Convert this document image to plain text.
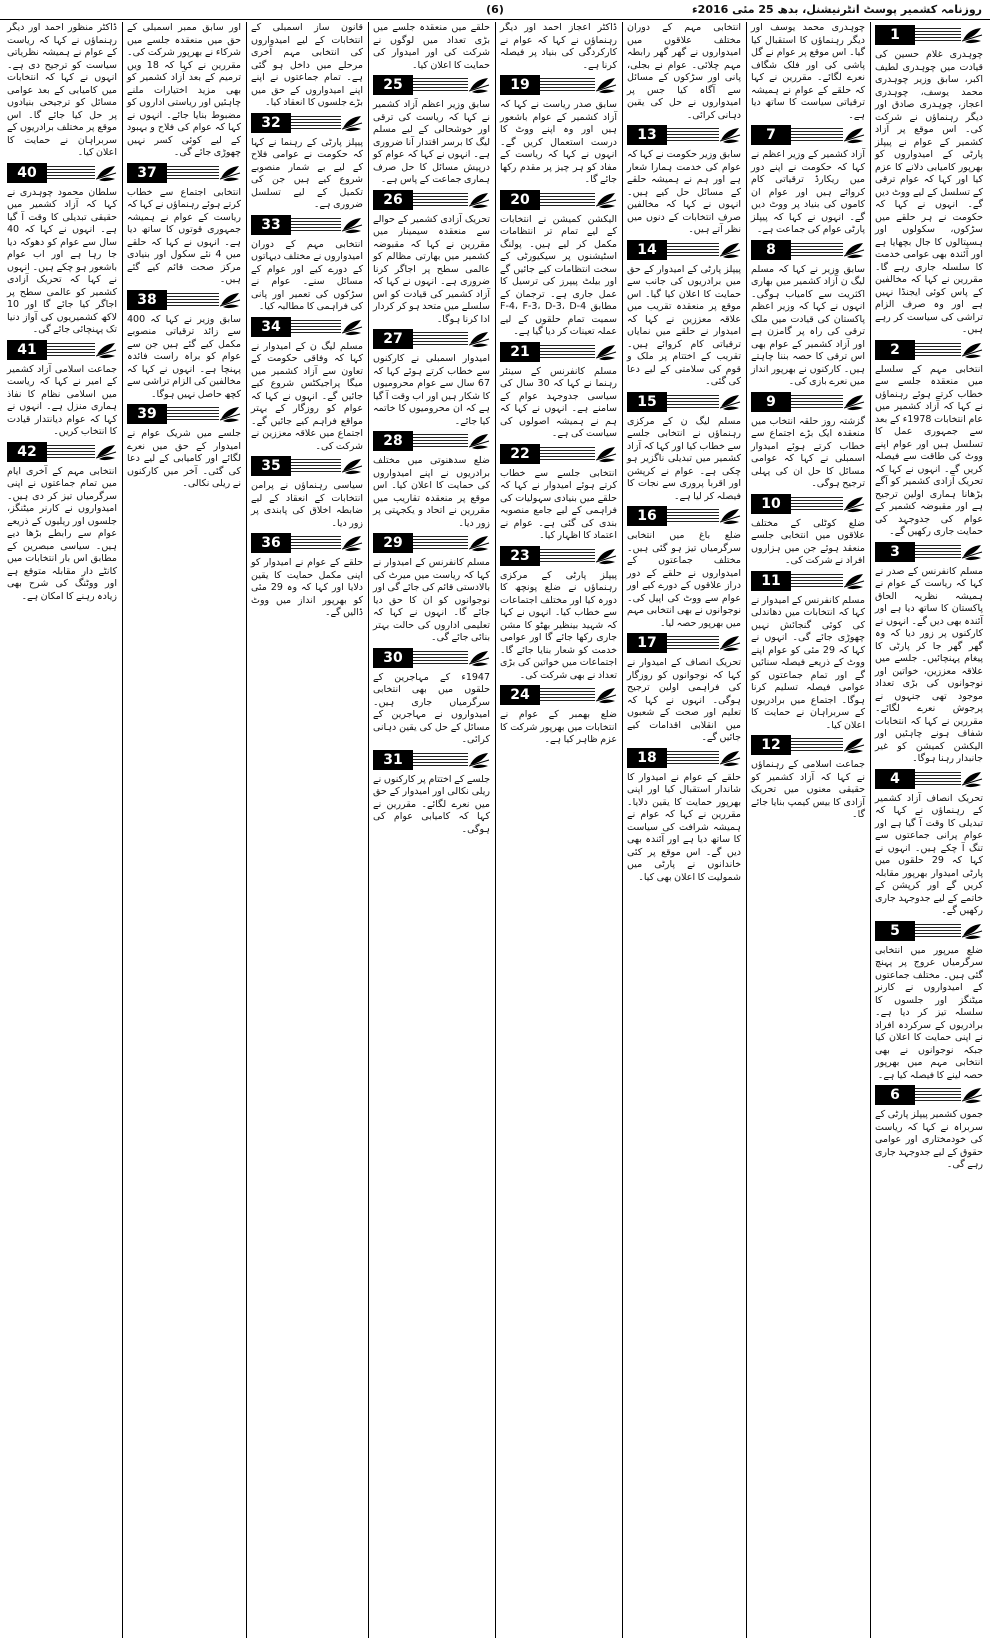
(6)	روزنامہ کشمیر پوسٹ انٹرنیشنل، بدھ 25 مئی 2016ء
1

چوہدری غلام حسین کی قیادت میں چوہدری لطیف اکبر، سابق وزیر چوہدری محمد یوسف، چوہدری اعجاز، چوہدری صادق اور دیگر رہنماؤں نے شرکت کی۔ اس موقع پر آزاد کشمیر کے عوام نے پیپلز پارٹی کے امیدواروں کو بھرپور کامیابی دلانے کا عزم کیا اور کہا کہ عوام ترقی کے تسلسل کے لیے ووٹ دیں گے۔ انہوں نے کہا کہ حکومت نے ہر حلقے میں سڑکوں، سکولوں اور ہسپتالوں کا جال بچھایا ہے اور آئندہ بھی عوامی خدمت کا سلسلہ جاری رہے گا۔ مقررین نے کہا کہ مخالفین کے پاس کوئی ایجنڈا نہیں ہے اور وہ صرف الزام تراشی کی سیاست کر رہے ہیں۔

2

انتخابی مہم کے سلسلے میں منعقدہ جلسے سے خطاب کرتے ہوئے رہنماؤں نے کہا کہ آزاد کشمیر میں عام انتخابات 1978ء کے بعد سے جمہوری عمل کا تسلسل ہیں اور عوام اپنے ووٹ کی طاقت سے فیصلہ کریں گے۔ انہوں نے کہا کہ تحریک آزادی کشمیر کو آگے بڑھانا ہماری اولین ترجیح ہے اور مقبوضہ کشمیر کے عوام کی جدوجہد کی حمایت جاری رکھیں گے۔

3

مسلم کانفرنس کے صدر نے کہا کہ ریاست کے عوام نے ہمیشہ نظریہ الحاق پاکستان کا ساتھ دیا ہے اور آئندہ بھی دیں گے۔ انہوں نے کارکنوں پر زور دیا کہ وہ گھر گھر جا کر پارٹی کا پیغام پہنچائیں۔ جلسے میں علاقہ معززین، خواتین اور نوجوانوں کی بڑی تعداد موجود تھی جنہوں نے پرجوش نعرے لگائے۔ مقررین نے کہا کہ انتخابات شفاف ہونے چاہئیں اور الیکشن کمیشن کو غیر جانبدار رہنا ہوگا۔

4

تحریک انصاف آزاد کشمیر کے رہنماؤں نے کہا کہ تبدیلی کا وقت آ گیا ہے اور عوام پرانی جماعتوں سے تنگ آ چکے ہیں۔ انہوں نے کہا کہ 29 حلقوں میں پارٹی امیدوار بھرپور مقابلہ کریں گے اور کرپشن کے خاتمے کے لیے جدوجہد جاری رکھیں گے۔

5

ضلع میرپور میں انتخابی سرگرمیاں عروج پر پہنچ گئی ہیں۔ مختلف جماعتوں کے امیدواروں نے کارنر میٹنگز اور جلسوں کا سلسلہ تیز کر دیا ہے۔ برادریوں کے سرکردہ افراد نے اپنی حمایت کا اعلان کیا جبکہ نوجوانوں نے بھی انتخابی مہم میں بھرپور حصہ لینے کا فیصلہ کیا ہے۔

6

جموں کشمیر پیپلز پارٹی کے سربراہ نے کہا کہ ریاست کی خودمختاری اور عوامی حقوق کے لیے جدوجہد جاری رہے گی۔

چوہدری محمد یوسف اور دیگر رہنماؤں کا استقبال کیا گیا۔ اس موقع پر عوام نے گل پاشی کی اور فلک شگاف نعرے لگائے۔ مقررین نے کہا کہ حلقے کے عوام نے ہمیشہ ترقیاتی سیاست کا ساتھ دیا ہے۔

7

آزاد کشمیر کے وزیر اعظم نے کہا کہ حکومت نے اپنے دور میں ریکارڈ ترقیاتی کام کروائے ہیں اور عوام ان کاموں کی بنیاد پر ووٹ دیں گے۔ انہوں نے کہا کہ پیپلز پارٹی عوام کی جماعت ہے۔

8

سابق وزیر نے کہا کہ مسلم لیگ ن آزاد کشمیر میں بھاری اکثریت سے کامیاب ہوگی۔ انہوں نے کہا کہ وزیر اعظم پاکستان کی قیادت میں ملک ترقی کی راہ پر گامزن ہے اور آزاد کشمیر کے عوام بھی اس ترقی کا حصہ بننا چاہتے ہیں۔ کارکنوں نے بھرپور انداز میں نعرے بازی کی۔

9

گزشتہ روز حلقہ انتخاب میں منعقدہ ایک بڑے اجتماع سے خطاب کرتے ہوئے امیدوار اسمبلی نے کہا کہ عوامی مسائل کا حل ان کی پہلی ترجیح ہوگی۔

10

ضلع کوٹلی کے مختلف علاقوں میں انتخابی جلسے منعقد ہوئے جن میں ہزاروں افراد نے شرکت کی۔

11

مسلم کانفرنس کے امیدوار نے کہا کہ انتخابات میں دھاندلی کی کوئی گنجائش نہیں چھوڑی جائے گی۔ انہوں نے کہا کہ 29 مئی کو عوام اپنے ووٹ کے ذریعے فیصلہ سنائیں گے اور تمام جماعتوں کو عوامی فیصلہ تسلیم کرنا ہوگا۔ اجتماع میں برادریوں کے سربراہان نے حمایت کا اعلان کیا۔

12

جماعت اسلامی کے رہنماؤں نے کہا کہ آزاد کشمیر کو حقیقی معنوں میں تحریک آزادی کا بیس کیمپ بنایا جائے گا۔

انتخابی مہم کے دوران مختلف علاقوں میں امیدواروں نے گھر گھر رابطہ مہم چلائی۔ عوام نے بجلی، پانی اور سڑکوں کے مسائل سے آگاہ کیا جس پر امیدواروں نے حل کی یقین دہانی کرائی۔

13

سابق وزیر حکومت نے کہا کہ عوام کی خدمت ہمارا شعار ہے اور ہم نے ہمیشہ حلقے کے مسائل حل کیے ہیں۔ انہوں نے کہا کہ مخالفین صرف انتخابات کے دنوں میں نظر آتے ہیں۔

14

پیپلز پارٹی کے امیدوار کے حق میں برادریوں کی جانب سے حمایت کا اعلان کیا گیا۔ اس موقع پر منعقدہ تقریب میں علاقہ معززین نے کہا کہ امیدوار نے حلقے میں نمایاں ترقیاتی کام کروائے ہیں۔ تقریب کے اختتام پر ملک و قوم کی سلامتی کے لیے دعا کی گئی۔

15

مسلم لیگ ن کے مرکزی رہنماؤں نے انتخابی جلسے سے خطاب کیا اور کہا کہ آزاد کشمیر میں تبدیلی ناگزیر ہو چکی ہے۔ عوام نے کرپشن اور اقربا پروری سے نجات کا فیصلہ کر لیا ہے۔

16

ضلع باغ میں انتخابی سرگرمیاں تیز ہو گئی ہیں۔ مختلف جماعتوں کے امیدواروں نے حلقے کے دور دراز علاقوں کے دورے کیے اور عوام سے ووٹ کی اپیل کی۔ نوجوانوں نے بھی انتخابی مہم میں بھرپور حصہ لیا۔

17

تحریک انصاف کے امیدوار نے کہا کہ نوجوانوں کو روزگار کی فراہمی اولین ترجیح ہوگی۔ انہوں نے کہا کہ تعلیم اور صحت کے شعبوں میں انقلابی اقدامات کیے جائیں گے۔

18

حلقے کے عوام نے امیدوار کا شاندار استقبال کیا اور اپنی بھرپور حمایت کا یقین دلایا۔ مقررین نے کہا کہ عوام نے ہمیشہ شرافت کی سیاست کا ساتھ دیا ہے اور آئندہ بھی دیں گے۔ اس موقع پر کئی خاندانوں نے پارٹی میں شمولیت کا اعلان بھی کیا۔

ڈاکٹر اعجاز احمد اور دیگر رہنماؤں نے کہا کہ عوام نے کارکردگی کی بنیاد پر فیصلہ کرنا ہے۔

19

سابق صدر ریاست نے کہا کہ آزاد کشمیر کے عوام باشعور ہیں اور وہ اپنے ووٹ کا درست استعمال کریں گے۔ انہوں نے کہا کہ ریاست کے مفاد کو ہر چیز پر مقدم رکھا جائے گا۔

20

الیکشن کمیشن نے انتخابات کے لیے تمام تر انتظامات مکمل کر لیے ہیں۔ پولنگ اسٹیشنوں پر سیکیورٹی کے سخت انتظامات کیے جائیں گے اور بیلٹ پیپرز کی ترسیل کا عمل جاری ہے۔ ترجمان کے مطابق F-4، F-3، D-3، D-4 سمیت تمام حلقوں کے لیے عملہ تعینات کر دیا گیا ہے۔

21

مسلم کانفرنس کے سینئر رہنما نے کہا کہ 30 سال کی سیاسی جدوجہد عوام کے سامنے ہے۔ انہوں نے کہا کہ ہم نے ہمیشہ اصولوں کی سیاست کی ہے۔

22

انتخابی جلسے سے خطاب کرتے ہوئے امیدوار نے کہا کہ حلقے میں بنیادی سہولیات کی فراہمی کے لیے جامع منصوبہ بندی کی گئی ہے۔ عوام نے اعتماد کا اظہار کیا۔

23

پیپلز پارٹی کے مرکزی رہنماؤں نے ضلع پونچھ کا دورہ کیا اور مختلف اجتماعات سے خطاب کیا۔ انہوں نے کہا کہ شہید بینظیر بھٹو کا مشن جاری رکھا جائے گا اور عوامی خدمت کو شعار بنایا جائے گا۔ اجتماعات میں خواتین کی بڑی تعداد نے بھی شرکت کی۔

24

ضلع بھمبر کے عوام نے انتخابات میں بھرپور شرکت کا عزم ظاہر کیا ہے۔

حلقے میں منعقدہ جلسے میں بڑی تعداد میں لوگوں نے شرکت کی اور امیدوار کی حمایت کا اعلان کیا۔

25

سابق وزیر اعظم آزاد کشمیر نے کہا کہ ریاست کی ترقی اور خوشحالی کے لیے مسلم لیگ کا برسر اقتدار آنا ضروری ہے۔ انہوں نے کہا کہ عوام کو درپیش مسائل کا حل صرف ہماری جماعت کے پاس ہے۔

26

تحریک آزادی کشمیر کے حوالے سے منعقدہ سیمینار میں مقررین نے کہا کہ مقبوضہ کشمیر میں بھارتی مظالم کو عالمی سطح پر اجاگر کرنا ضروری ہے۔ انہوں نے کہا کہ آزاد کشمیر کی قیادت کو اس سلسلے میں متحد ہو کر کردار ادا کرنا ہوگا۔

27

امیدوار اسمبلی نے کارکنوں سے خطاب کرتے ہوئے کہا کہ 67 سال سے عوام محرومیوں کا شکار ہیں اور اب وقت آ گیا ہے کہ ان محرومیوں کا خاتمہ کیا جائے۔

28

ضلع سدھنوتی میں مختلف برادریوں نے اپنے امیدواروں کی حمایت کا اعلان کیا۔ اس موقع پر منعقدہ تقاریب میں مقررین نے اتحاد و یکجہتی پر زور دیا۔

29

مسلم کانفرنس کے امیدوار نے کہا کہ ریاست میں میرٹ کی بالادستی قائم کی جائے گی اور نوجوانوں کو ان کا حق دیا جائے گا۔ انہوں نے کہا کہ تعلیمی اداروں کی حالت بہتر بنائی جائے گی۔

30

1947ء کے مہاجرین کے حلقوں میں بھی انتخابی سرگرمیاں جاری ہیں۔ امیدواروں نے مہاجرین کے مسائل کے حل کی یقین دہانی کرائی۔

31

جلسے کے اختتام پر کارکنوں نے ریلی نکالی اور امیدوار کے حق میں نعرے لگائے۔ مقررین نے کہا کہ کامیابی عوام کی ہوگی۔

قانون ساز اسمبلی کے انتخابات کے لیے امیدواروں کی انتخابی مہم آخری مرحلے میں داخل ہو گئی ہے۔ تمام جماعتوں نے اپنے اپنے امیدواروں کے حق میں بڑے جلسوں کا انعقاد کیا۔

32

پیپلز پارٹی کے رہنما نے کہا کہ حکومت نے عوامی فلاح کے لیے بے شمار منصوبے شروع کیے ہیں جن کی تکمیل کے لیے تسلسل ضروری ہے۔

33

انتخابی مہم کے دوران امیدواروں نے مختلف دیہاتوں کے دورے کیے اور عوام کے مسائل سنے۔ عوام نے سڑکوں کی تعمیر اور پانی کی فراہمی کا مطالبہ کیا۔

34

مسلم لیگ ن کے امیدوار نے کہا کہ وفاقی حکومت کے تعاون سے آزاد کشمیر میں میگا پراجیکٹس شروع کیے جائیں گے۔ انہوں نے کہا کہ عوام کو روزگار کے بہتر مواقع فراہم کیے جائیں گے۔ اجتماع میں علاقہ معززین نے شرکت کی۔

35

سیاسی رہنماؤں نے پرامن انتخابات کے انعقاد کے لیے ضابطہ اخلاق کی پابندی پر زور دیا۔

36

حلقے کے عوام نے امیدوار کو اپنی مکمل حمایت کا یقین دلایا اور کہا کہ وہ 29 مئی کو بھرپور انداز میں ووٹ ڈالیں گے۔

اور سابق ممبر اسمبلی کے حق میں منعقدہ جلسے میں شرکاء نے بھرپور شرکت کی۔ مقررین نے کہا کہ 18 ویں ترمیم کے بعد آزاد کشمیر کو بھی مزید اختیارات ملنے چاہئیں اور ریاستی اداروں کو مضبوط بنایا جائے۔ انہوں نے کہا کہ عوام کی فلاح و بہبود کے لیے کوئی کسر نہیں چھوڑی جائے گی۔

37

انتخابی اجتماع سے خطاب کرتے ہوئے رہنماؤں نے کہا کہ ریاست کے عوام نے ہمیشہ جمہوری قوتوں کا ساتھ دیا ہے۔ انہوں نے کہا کہ حلقے میں 4 نئے سکول اور بنیادی مرکز صحت قائم کیے گئے ہیں۔

38

سابق وزیر نے کہا کہ 400 سے زائد ترقیاتی منصوبے مکمل کیے گئے ہیں جن سے عوام کو براہ راست فائدہ پہنچا ہے۔ انہوں نے کہا کہ مخالفین کی الزام تراشی سے کچھ حاصل نہیں ہوگا۔

39

جلسے میں شریک عوام نے امیدوار کے حق میں نعرے لگائے اور کامیابی کے لیے دعا کی گئی۔ آخر میں کارکنوں نے ریلی نکالی۔

ڈاکٹر منظور احمد اور دیگر رہنماؤں نے کہا کہ ریاست کے عوام نے ہمیشہ نظریاتی سیاست کو ترجیح دی ہے۔ انہوں نے کہا کہ انتخابات میں کامیابی کے بعد عوامی مسائل کو ترجیحی بنیادوں پر حل کیا جائے گا۔ اس موقع پر مختلف برادریوں کے سربراہان نے حمایت کا اعلان کیا۔

40

سلطان محمود چوہدری نے کہا کہ آزاد کشمیر میں حقیقی تبدیلی کا وقت آ گیا ہے۔ انہوں نے کہا کہ 40 سال سے عوام کو دھوکہ دیا جا رہا ہے اور اب عوام باشعور ہو چکے ہیں۔ انہوں نے کہا کہ تحریک آزادی کشمیر کو عالمی سطح پر اجاگر کیا جائے گا اور 10 لاکھ کشمیریوں کی آواز دنیا تک پہنچائی جائے گی۔

41

جماعت اسلامی آزاد کشمیر کے امیر نے کہا کہ ریاست میں اسلامی نظام کا نفاذ ہماری منزل ہے۔ انہوں نے کہا کہ عوام دیانتدار قیادت کا انتخاب کریں۔

42

انتخابی مہم کے آخری ایام میں تمام جماعتوں نے اپنی سرگرمیاں تیز کر دی ہیں۔ امیدواروں نے کارنر میٹنگز، جلسوں اور ریلیوں کے ذریعے عوام سے رابطے بڑھا دیے ہیں۔ سیاسی مبصرین کے مطابق اس بار انتخابات میں کانٹے دار مقابلہ متوقع ہے اور ووٹنگ کی شرح بھی زیادہ رہنے کا امکان ہے۔
